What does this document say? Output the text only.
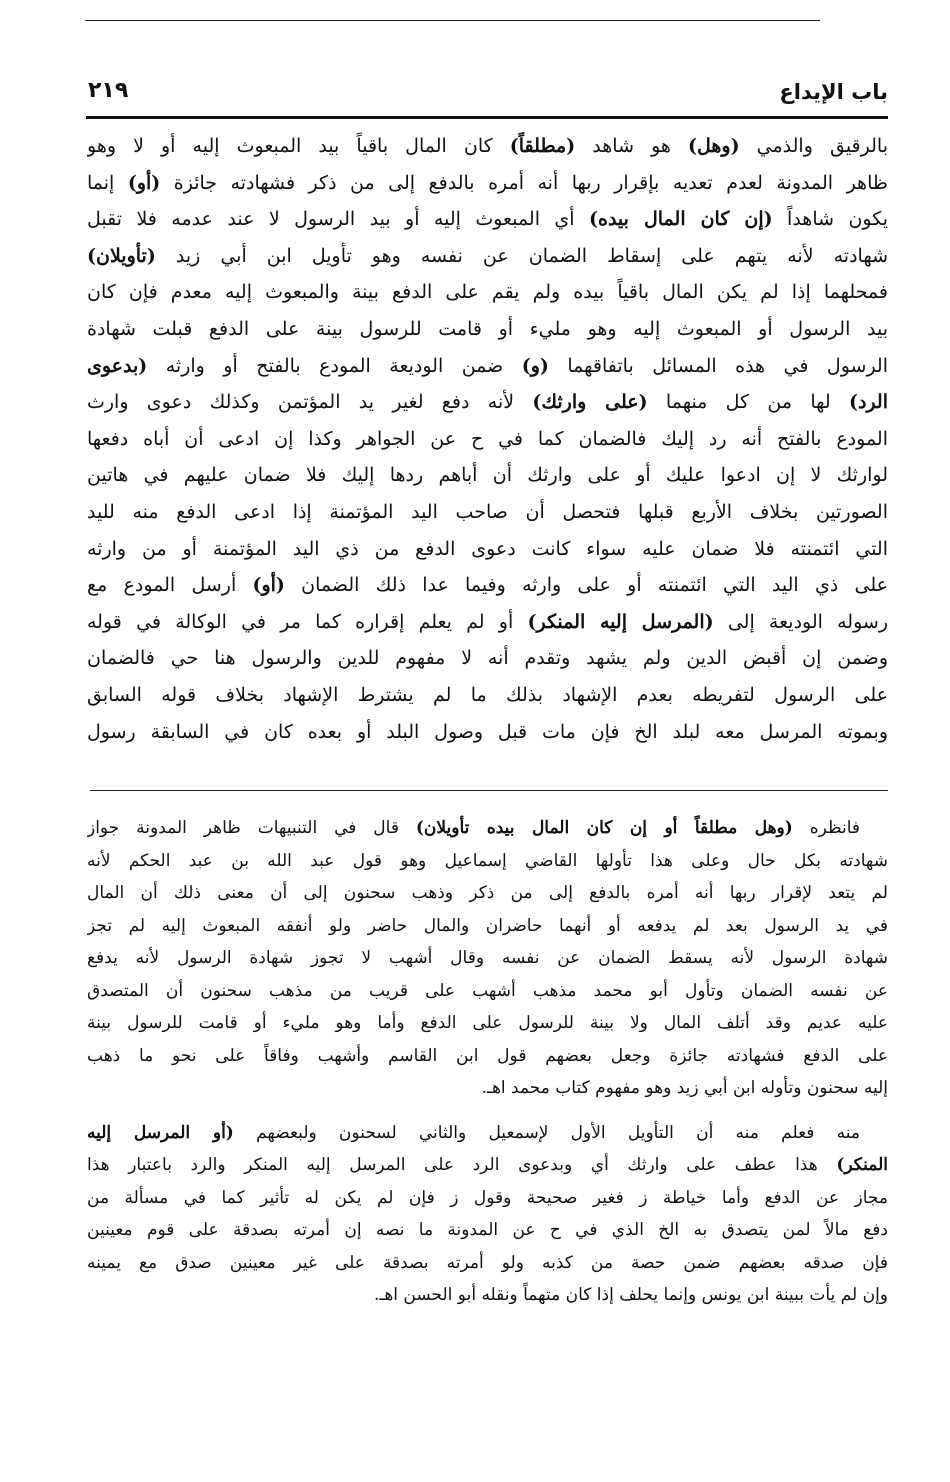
باب الإيداع
٢١٩
بالرقيق والذمي (وهل) هو شاهد (مطلقاً) كان المال باقياً بيد المبعوث إليه أو لا وهو
ظاهر المدونة لعدم تعديه بإقرار ربها أنه أمره بالدفع إلى من ذكر فشهادته جائزة (أو) إنما
يكون شاهداً (إن كان المال بيده) أي المبعوث إليه أو بيد الرسول لا عند عدمه فلا تقبل
شهادته لأنه يتهم على إسقاط الضمان عن نفسه وهو تأويل ابن أبي زيد (تأويلان)
فمحلهما إذا لم يكن المال باقياً بيده ولم يقم على الدفع بينة والمبعوث إليه معدم فإن كان
بيد الرسول أو المبعوث إليه وهو مليء أو قامت للرسول بينة على الدفع قبلت شهادة
الرسول في هذه المسائل باتفاقهما (و) ضمن الوديعة المودع بالفتح أو وارثه (بدعوى
الرد) لها من كل منهما (على وارثك) لأنه دفع لغير يد المؤتمن وكذلك دعوى وارث
المودع بالفتح أنه رد إليك فالضمان كما في ح عن الجواهر وكذا إن ادعى أن أباه دفعها
لوارثك لا إن ادعوا عليك أو على وارثك أن أباهم ردها إليك فلا ضمان عليهم في هاتين
الصورتين بخلاف الأربع قبلها فتحصل أن صاحب اليد المؤتمنة إذا ادعى الدفع منه لليد
التي ائتمنته فلا ضمان عليه سواء كانت دعوى الدفع من ذي اليد المؤتمنة أو من وارثه
على ذي اليد التي ائتمنته أو على وارثه وفيما عدا ذلك الضمان (أو) أرسل المودع مع
رسوله الوديعة إلى (المرسل إليه المنكر) أو لم يعلم إقراره كما مر في الوكالة في قوله
وضمن إن أقبض الدين ولم يشهد وتقدم أنه لا مفهوم للدين والرسول هنا حي فالضمان
على الرسول لتفريطه بعدم الإشهاد بذلك ما لم يشترط الإشهاد بخلاف قوله السابق
وبموته المرسل معه لبلد الخ فإن مات قبل وصول البلد أو بعده كان في السابقة رسول
فانظره (وهل مطلقاً أو إن كان المال بيده تأويلان) قال في التنبيهات ظاهر المدونة جواز
شهادته بكل حال وعلى هذا تأولها القاضي إسماعيل وهو قول عبد الله بن عبد الحكم لأنه
لم يتعد لإقرار ربها أنه أمره بالدفع إلى من ذكر وذهب سحنون إلى أن معنى ذلك أن المال
في يد الرسول بعد لم يدفعه أو أنهما حاضران والمال حاضر ولو أنفقه المبعوث إليه لم تجز
شهادة الرسول لأنه يسقط الضمان عن نفسه وقال أشهب لا تجوز شهادة الرسول لأنه يدفع
عن نفسه الضمان وتأول أبو محمد مذهب أشهب على قريب من مذهب سحنون أن المتصدق
عليه عديم وقد أتلف المال ولا بينة للرسول على الدفع وأما وهو مليء أو قامت للرسول بينة
على الدفع فشهادته جائزة وجعل بعضهم قول ابن القاسم وأشهب وفاقاً على نحو ما ذهب
إليه سحنون وتأوله ابن أبي زيد وهو مفهوم كتاب محمد اهـ.
منه فعلم منه أن التأويل الأول لإسمعيل والثاني لسحنون ولبعضهم (أو المرسل إليه
المنكر) هذا عطف على وارثك أي وبدعوى الرد على المرسل إليه المنكر والرد باعتبار هذا
مجاز عن الدفع وأما خياطة ز فغير صحيحة وقول ز فإن لم يكن له تأثير كما في مسألة من
دفع مالاً لمن يتصدق به الخ الذي في ح عن المدونة ما نصه إن أمرته بصدقة على قوم معينين
فإن صدقه بعضهم ضمن حصة من كذبه ولو أمرته بصدقة على غير معينين صدق مع يمينه
وإن لم يأت ببينة ابن يونس وإنما يحلف إذا كان متهماً ونقله أبو الحسن اهـ.
